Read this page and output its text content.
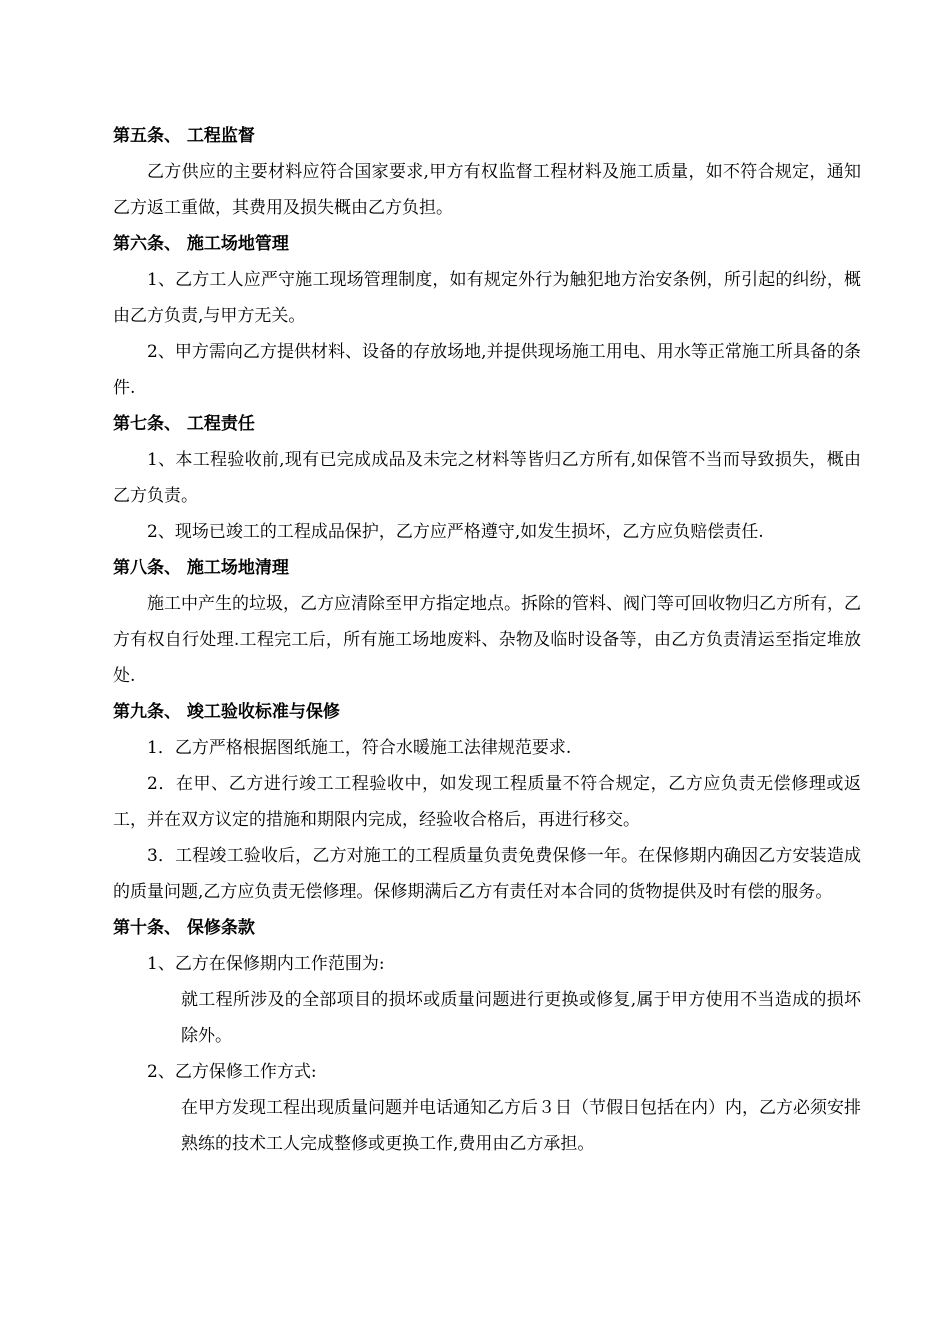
第五条、 工程监督

乙方供应的主要材料应符合国家要求,甲方有权监督工程材料及施工质量，如不符合规定，通知乙方返工重做，其费用及损失概由乙方负担。

第六条、 施工场地管理

1、乙方工人应严守施工现场管理制度，如有规定外行为触犯地方治安条例，所引起的纠纷，概由乙方负责,与甲方无关。

2、甲方需向乙方提供材料、设备的存放场地,并提供现场施工用电、用水等正常施工所具备的条件.

第七条、 工程责任

1、本工程验收前,现有已完成成品及未完之材料等皆归乙方所有,如保管不当而导致损失，概由乙方负责。

2、现场已竣工的工程成品保护，乙方应严格遵守,如发生损坏，乙方应负赔偿责任.

第八条、 施工场地清理

施工中产生的垃圾，乙方应清除至甲方指定地点。拆除的管料、阀门等可回收物归乙方所有，乙方有权自行处理.工程完工后，所有施工场地废料、杂物及临时设备等，由乙方负责清运至指定堆放处.

第九条、 竣工验收标准与保修

1．乙方严格根据图纸施工，符合水暖施工法律规范要求.

2．在甲、乙方进行竣工工程验收中，如发现工程质量不符合规定，乙方应负责无偿修理或返工，并在双方议定的措施和期限内完成，经验收合格后，再进行移交。

3．工程竣工验收后，乙方对施工的工程质量负责免费保修一年。在保修期内确因乙方安装造成的质量问题,乙方应负责无偿修理。保修期满后乙方有责任对本合同的货物提供及时有偿的服务。

第十条、 保修条款

1、乙方在保修期内工作范围为:

就工程所涉及的全部项目的损坏或质量问题进行更换或修复,属于甲方使用不当造成的损坏除外。

2、乙方保修工作方式:

在甲方发现工程出现质量问题并电话通知乙方后３日（节假日包括在内）内，乙方必须安排熟练的技术工人完成整修或更换工作,费用由乙方承担。
